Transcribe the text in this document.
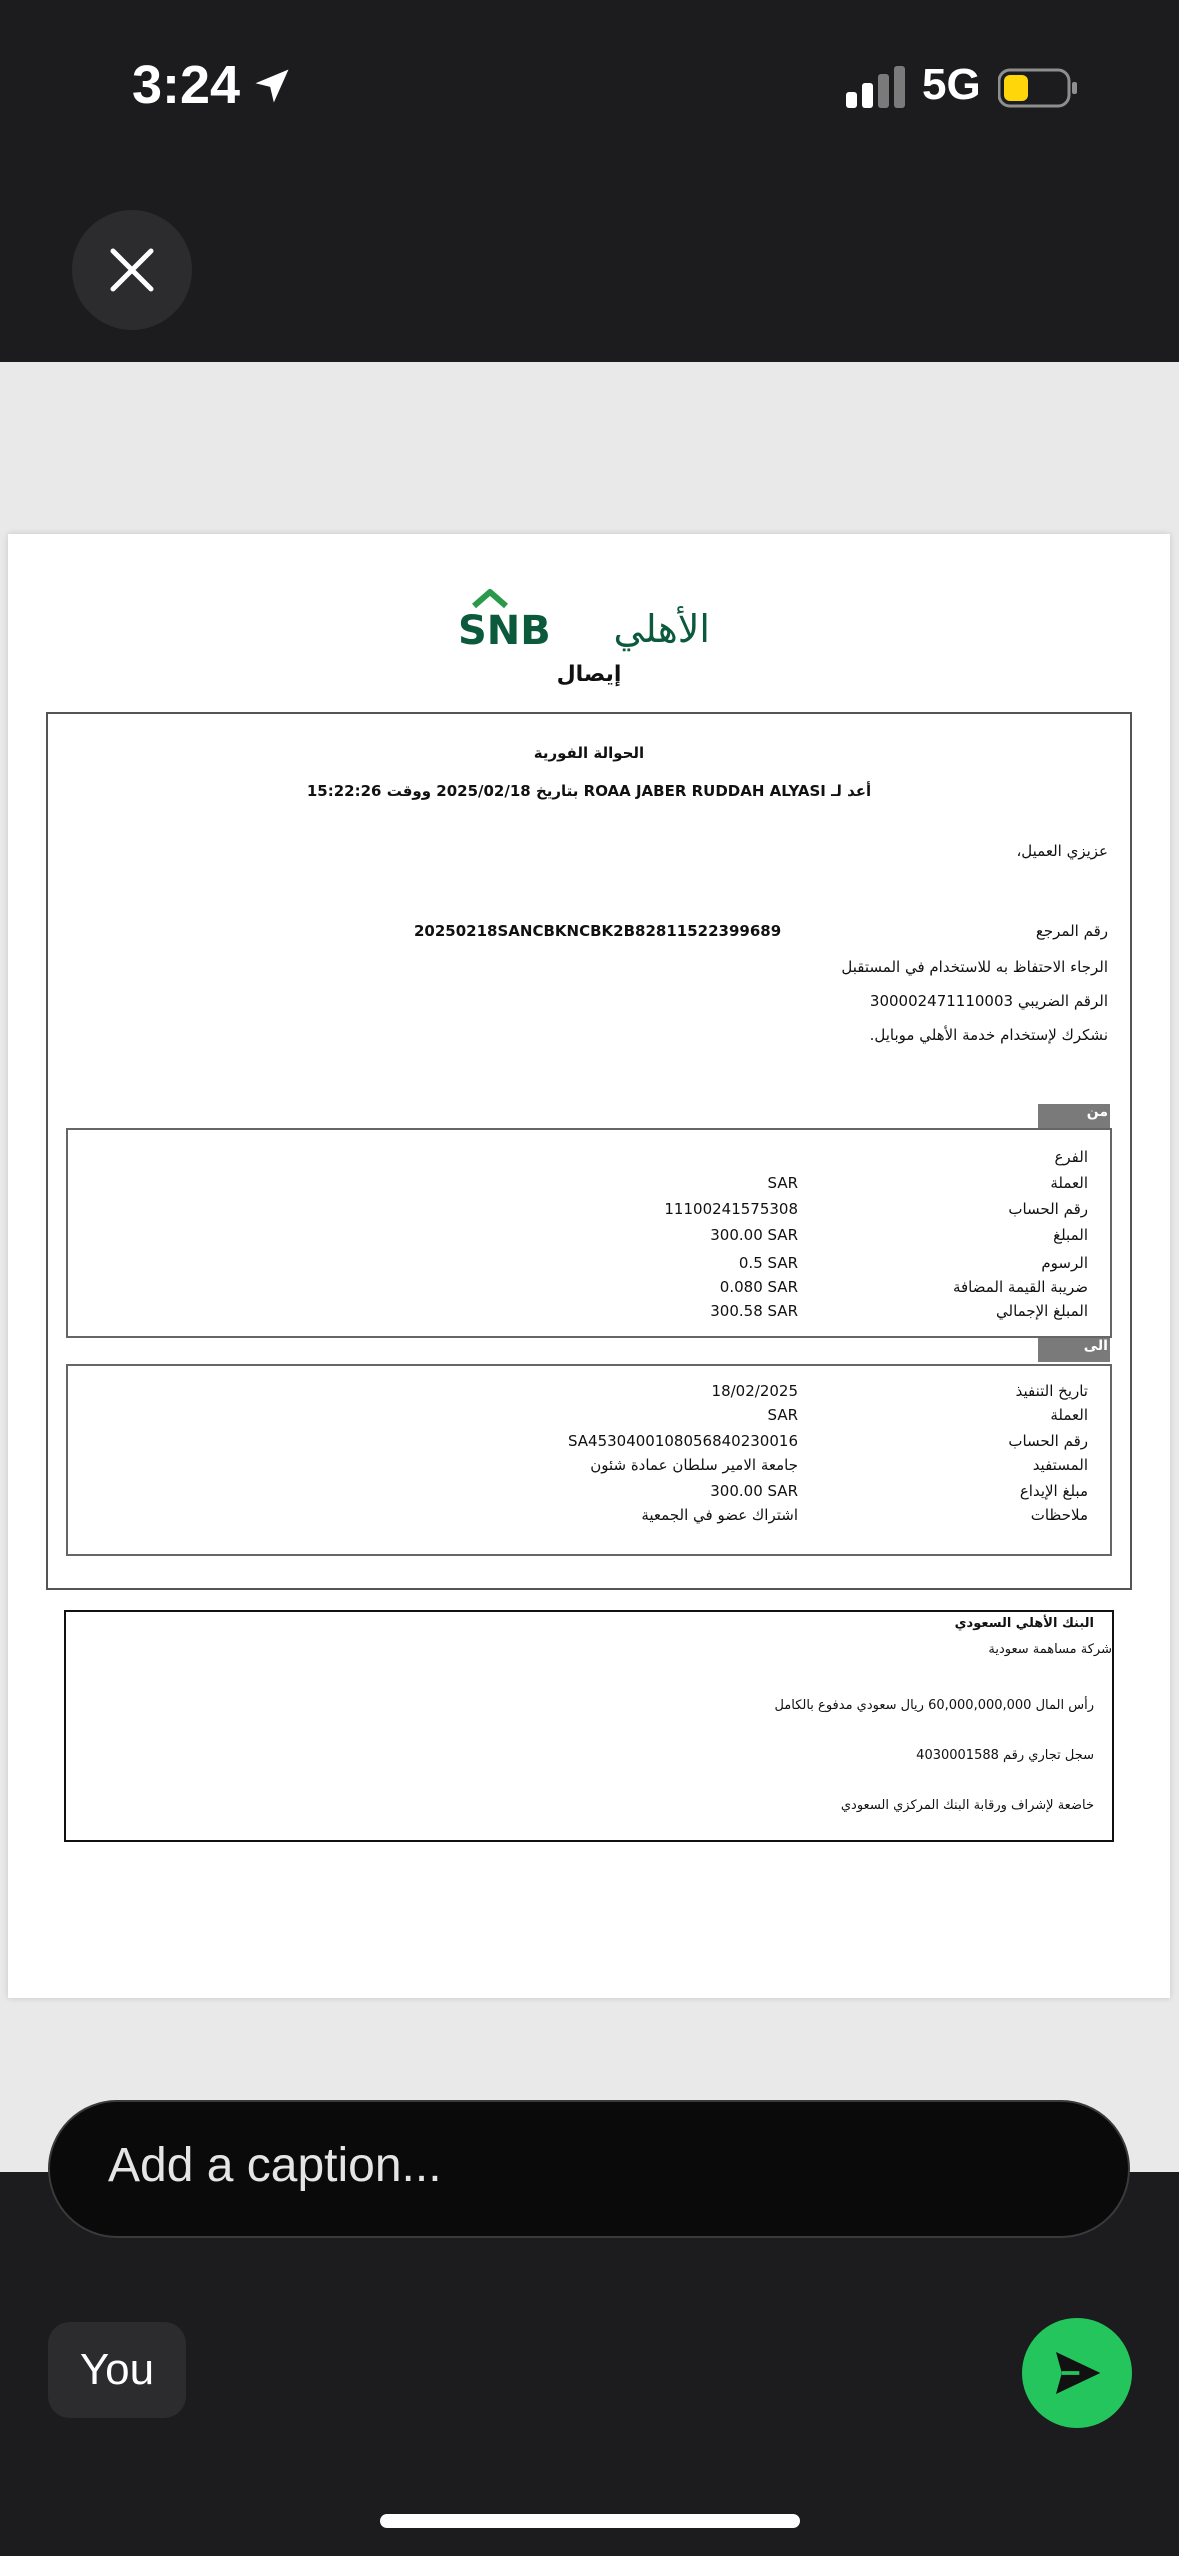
3:24	5G
SNB الأهلي
إيصال
الحوالة الفورية
أعد لـ ROAA JABER RUDDAH ALYASI بتاريخ 2025/02/18 ووقت 15:22:26
عزيزي العميل،
رقم المرجع
20250218SANCBKNCBK2B82811522399689
الرجاء الاحتفاظ به للاستخدام في المستقبل
الرقم الضريبي 300002471110003
نشكرك لإستخدام خدمة الأهلي موبايل.
من
الفرع
العملة
SAR
رقم الحساب
11100241575308
المبلغ
300.00 SAR
الرسوم
0.5 SAR
ضريبة القيمة المضافة
0.080 SAR
المبلغ الإجمالي
300.58 SAR
الى
تاريخ التنفيذ
18/02/2025
العملة
SAR
رقم الحساب
SA4530400108056840230016
المستفيد
جامعة الامير سلطان عمادة شئون
مبلغ الإيداع
300.00 SAR
ملاحظات
اشتراك عضو في الجمعية
البنك الأهلي السعودي
شركة مساهمة سعودية
رأس المال 60,000,000,000 ريال سعودي مدفوع بالكامل
سجل تجاري رقم 4030001588
خاضعة لإشراف ورقابة البنك المركزي السعودي
Add a caption...
You
